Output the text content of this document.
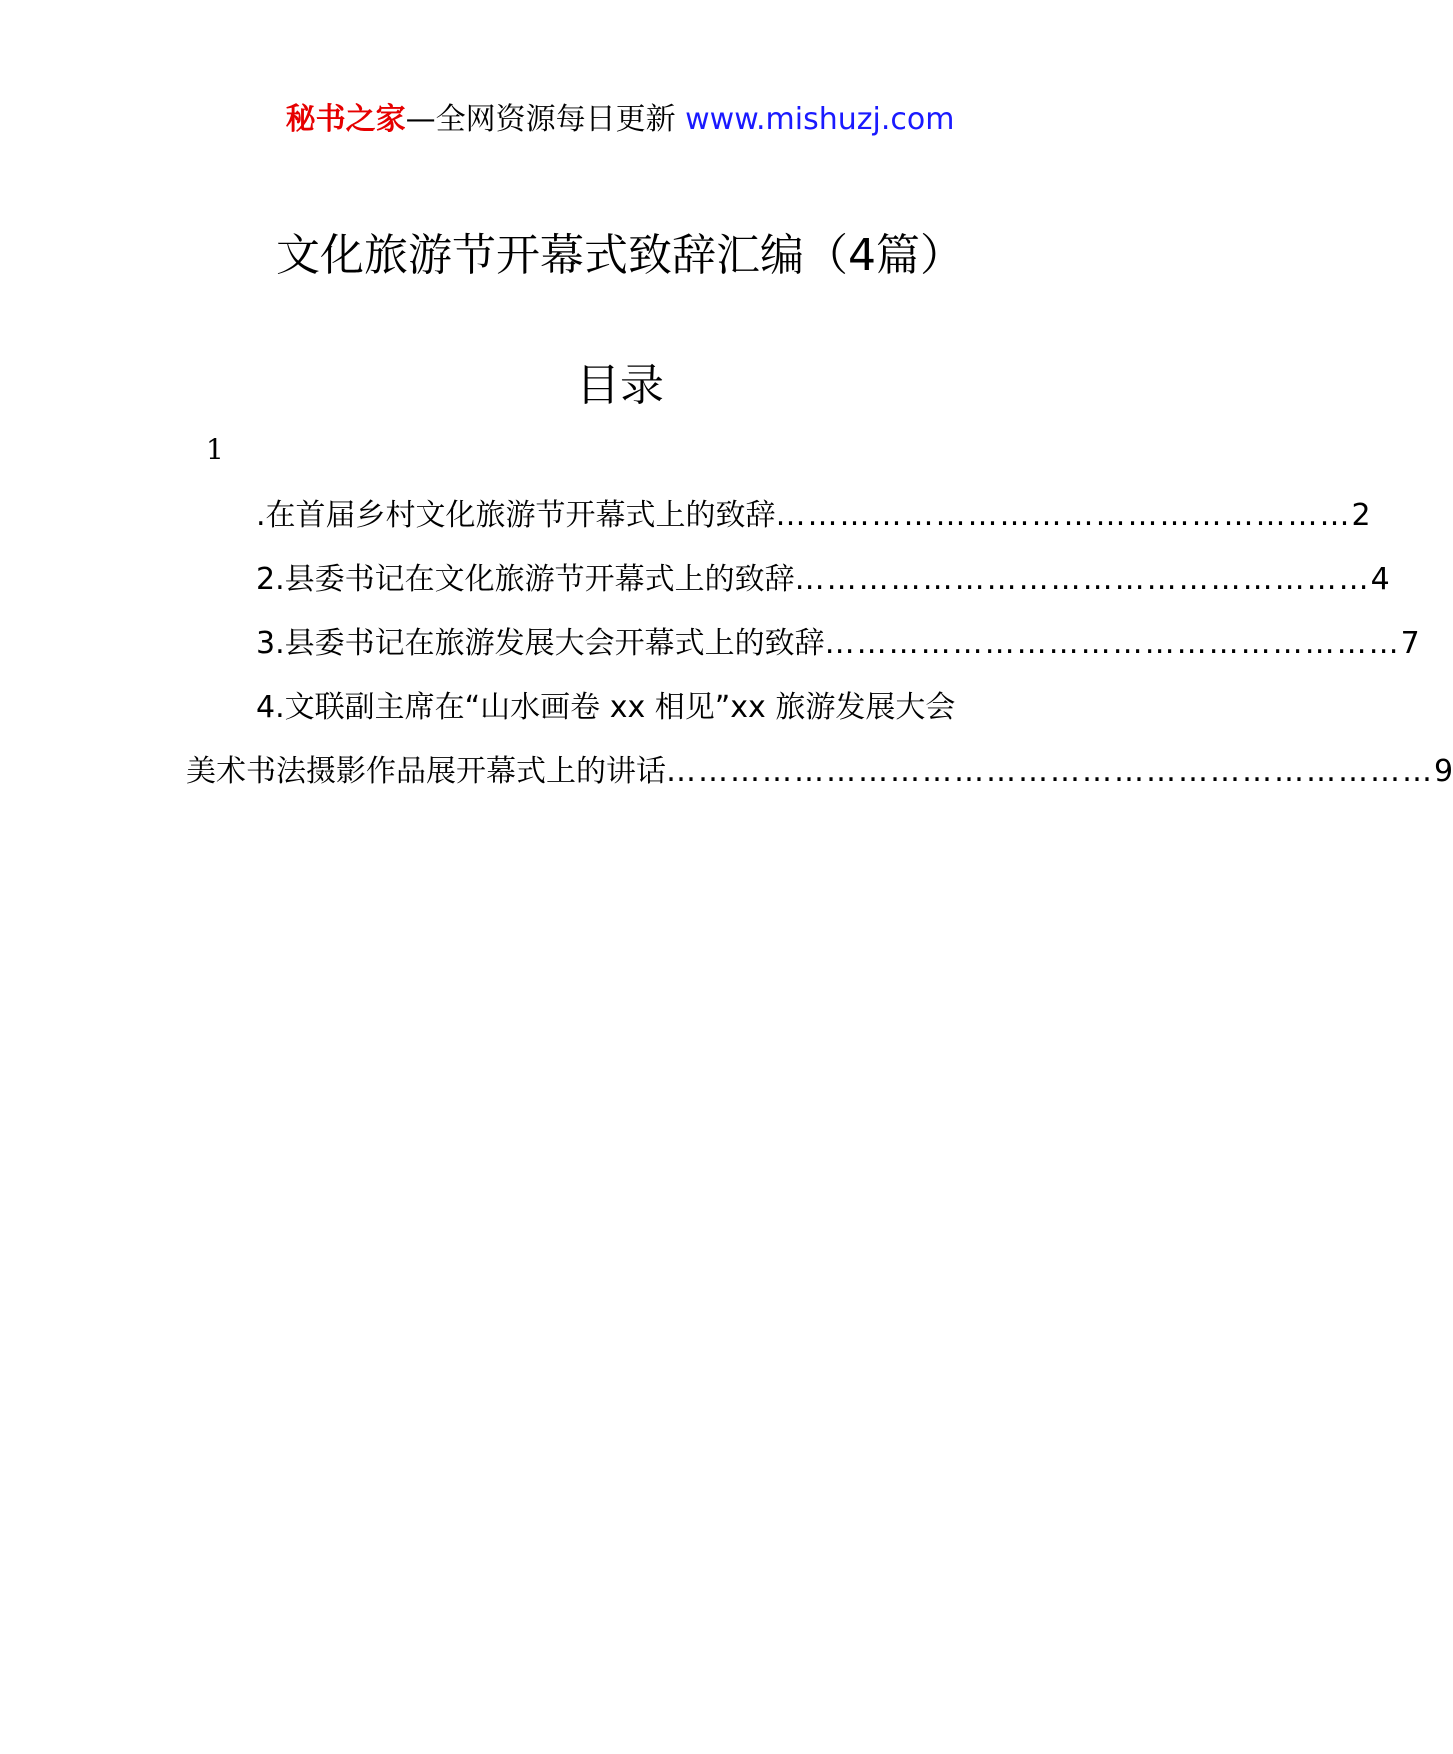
秘书之家—全网资源每日更新 www.mishuzj.com
文化旅游节开幕式致辞汇编（4篇）
目录
1
.在首届乡村文化旅游节开幕式上的致辞 ……………………………………………… 2
2.县委书记在文化旅游节开幕式上的致辞 ……………………………………………… 4
3.县委书记在旅游发展大会开幕式上的致辞 ……………………………………………… 7
4.文联副主席在“山水画卷 xx 相见”xx 旅游发展大会
美术书法摄影作品展开幕式上的讲话 ……………………………………………………………… 9
